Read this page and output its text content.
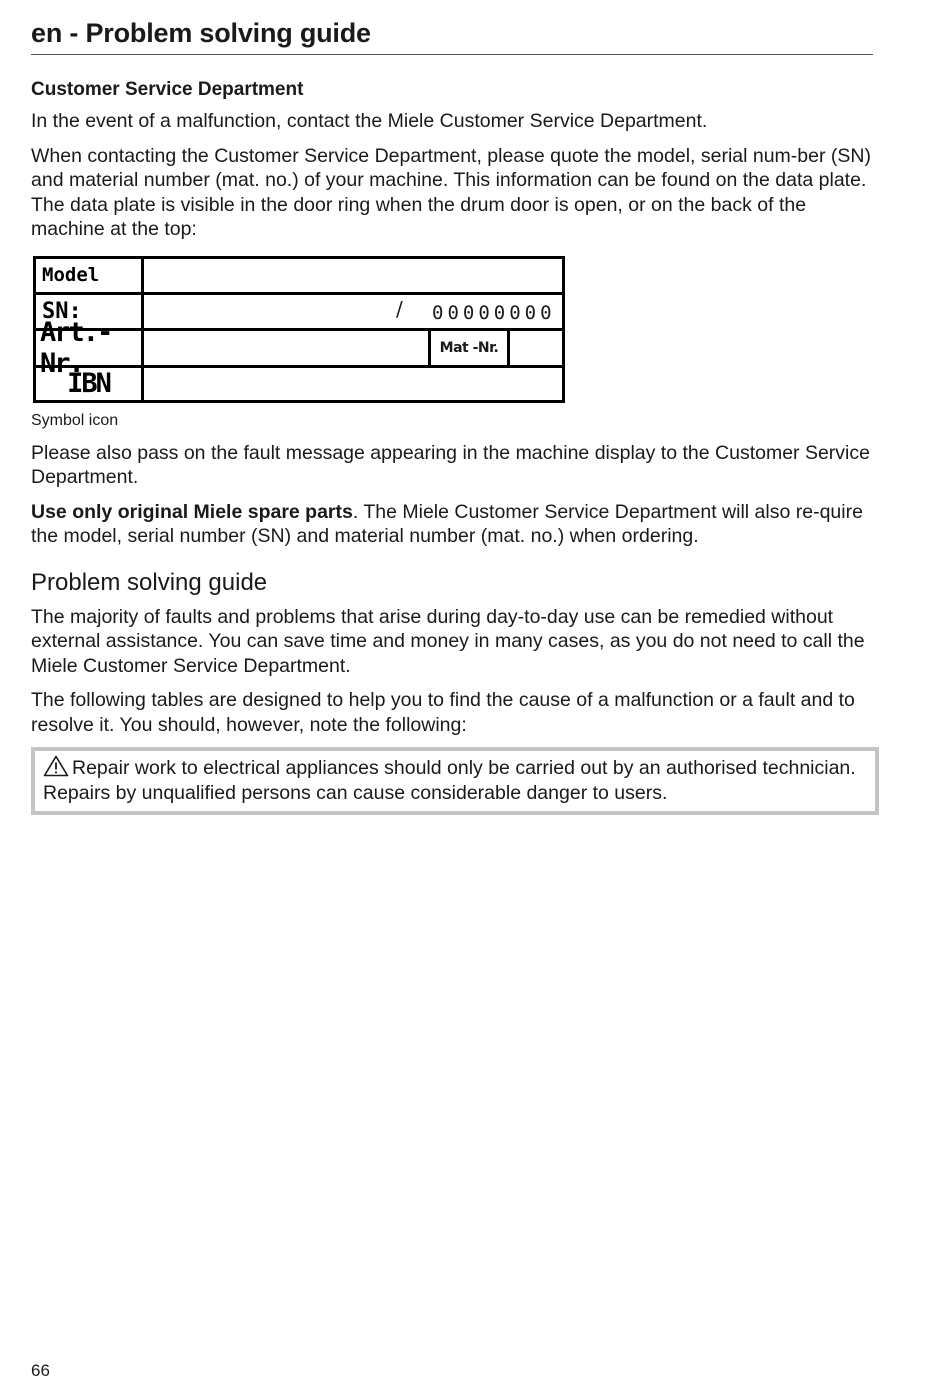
en - Problem solving guide
Customer Service Department

In the event of a malfunction, contact the Miele Customer Service Department.

When contacting the Customer Service Department, please quote the model, serial num-ber (SN) and material number (mat. no.) of your machine. This information can be found on the data plate. The data plate is visible in the door ring when the drum door is open, or on the back of the machine at the top:

Model
SN:	/ 00000000
Art.-Nr.	Mat -Nr.
IBN
Symbol icon

Please also pass on the fault message appearing in the machine display to the Customer Service Department.

Use only original Miele spare parts. The Miele Customer Service Department will also re-quire the model, serial number (SN) and material number (mat. no.) when ordering.

Problem solving guide

The majority of faults and problems that arise during day-to-day use can be remedied without external assistance. You can save time and money in many cases, as you do not need to call the Miele Customer Service Department.

The following tables are designed to help you to find the cause of a malfunction or a fault and to resolve it. You should, however, note the following:

Repair work to electrical appliances should only be carried out by an authorised technician. Repairs by unqualified persons can cause considerable danger to users.
66
